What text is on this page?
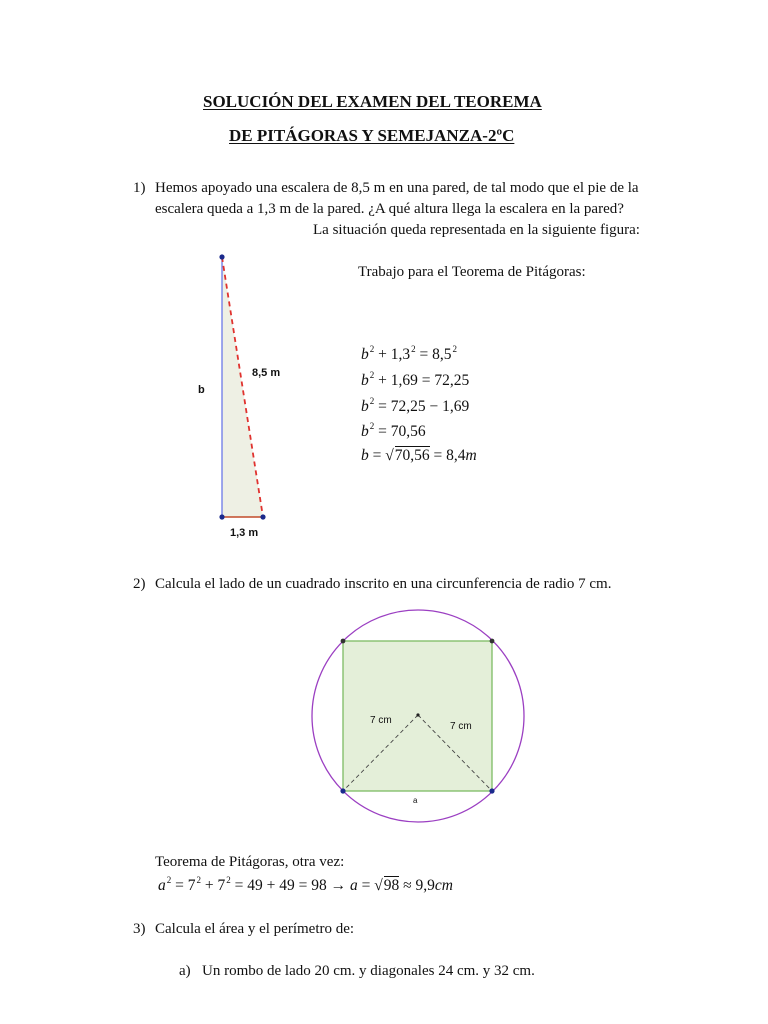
SOLUCIÓN DEL EXAMEN DEL TEOREMA
DE PITÁGORAS Y SEMEJANZA-2ºC
1) Hemos apoyado una escalera de 8,5 m en una pared, de tal modo que el pie de la
escalera queda a 1,3 m de la pared. ¿A qué altura llega la escalera en la pared?
La situación queda representada en la siguiente figura:
Trabajo para el Teorema de Pitágoras:
$b^2 + 1,3^2 = 8,5^2$
$b^2 + 1,69 = 72,25$
$b^2 = 72,25 - 1,69$
$b^2 = 70,56$
b = √70,56 = 8,4m
b
8,5 m
1,3 m
2) Calcula el lado de un cuadrado inscrito en una circunferencia de radio 7 cm.
7 cm
7 cm
a
Teorema de Pitágoras, otra vez:
$a^2 = 7^2 + 7^2 = 49 + 49 = 98 \to a = √98 \approx 9,9cm$
3) Calcula el área y el perímetro de:
a) Un rombo de lado 20 cm. y diagonales 24 cm. y 32 cm.
